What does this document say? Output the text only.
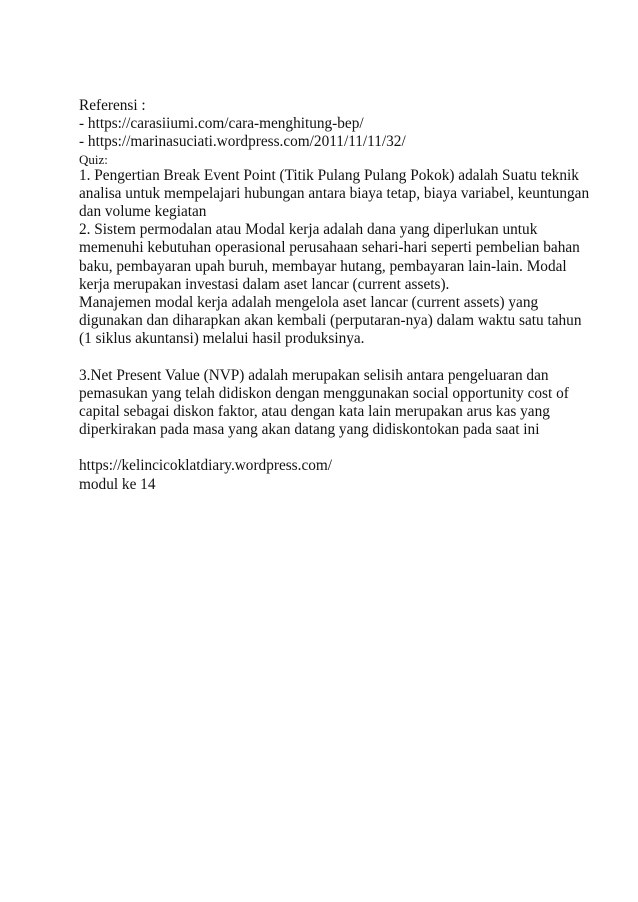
Referensi :
- https://carasiiumi.com/cara-menghitung-bep/
- https://marinasuciati.wordpress.com/2011/11/11/32/
Quiz:
1. Pengertian Break Event Point (Titik Pulang Pulang Pokok) adalah Suatu teknik
analisa untuk mempelajari hubungan antara biaya tetap, biaya variabel, keuntungan
dan volume kegiatan
2. Sistem permodalan atau Modal kerja adalah dana yang diperlukan untuk
memenuhi kebutuhan operasional perusahaan sehari-hari seperti pembelian bahan
baku, pembayaran upah buruh, membayar hutang, pembayaran lain-lain. Modal
kerja merupakan investasi dalam aset lancar (current assets).
Manajemen modal kerja adalah mengelola aset lancar (current assets) yang
digunakan dan diharapkan akan kembali (perputaran-nya) dalam waktu satu tahun
(1 siklus akuntansi) melalui hasil produksinya.
3.Net Present Value (NVP) adalah merupakan selisih antara pengeluaran dan
pemasukan yang telah didiskon dengan menggunakan social opportunity cost of
capital sebagai diskon faktor, atau dengan kata lain merupakan arus kas yang
diperkirakan pada masa yang akan datang yang didiskontokan pada saat ini
https://kelincicoklatdiary.wordpress.com/
modul ke 14
